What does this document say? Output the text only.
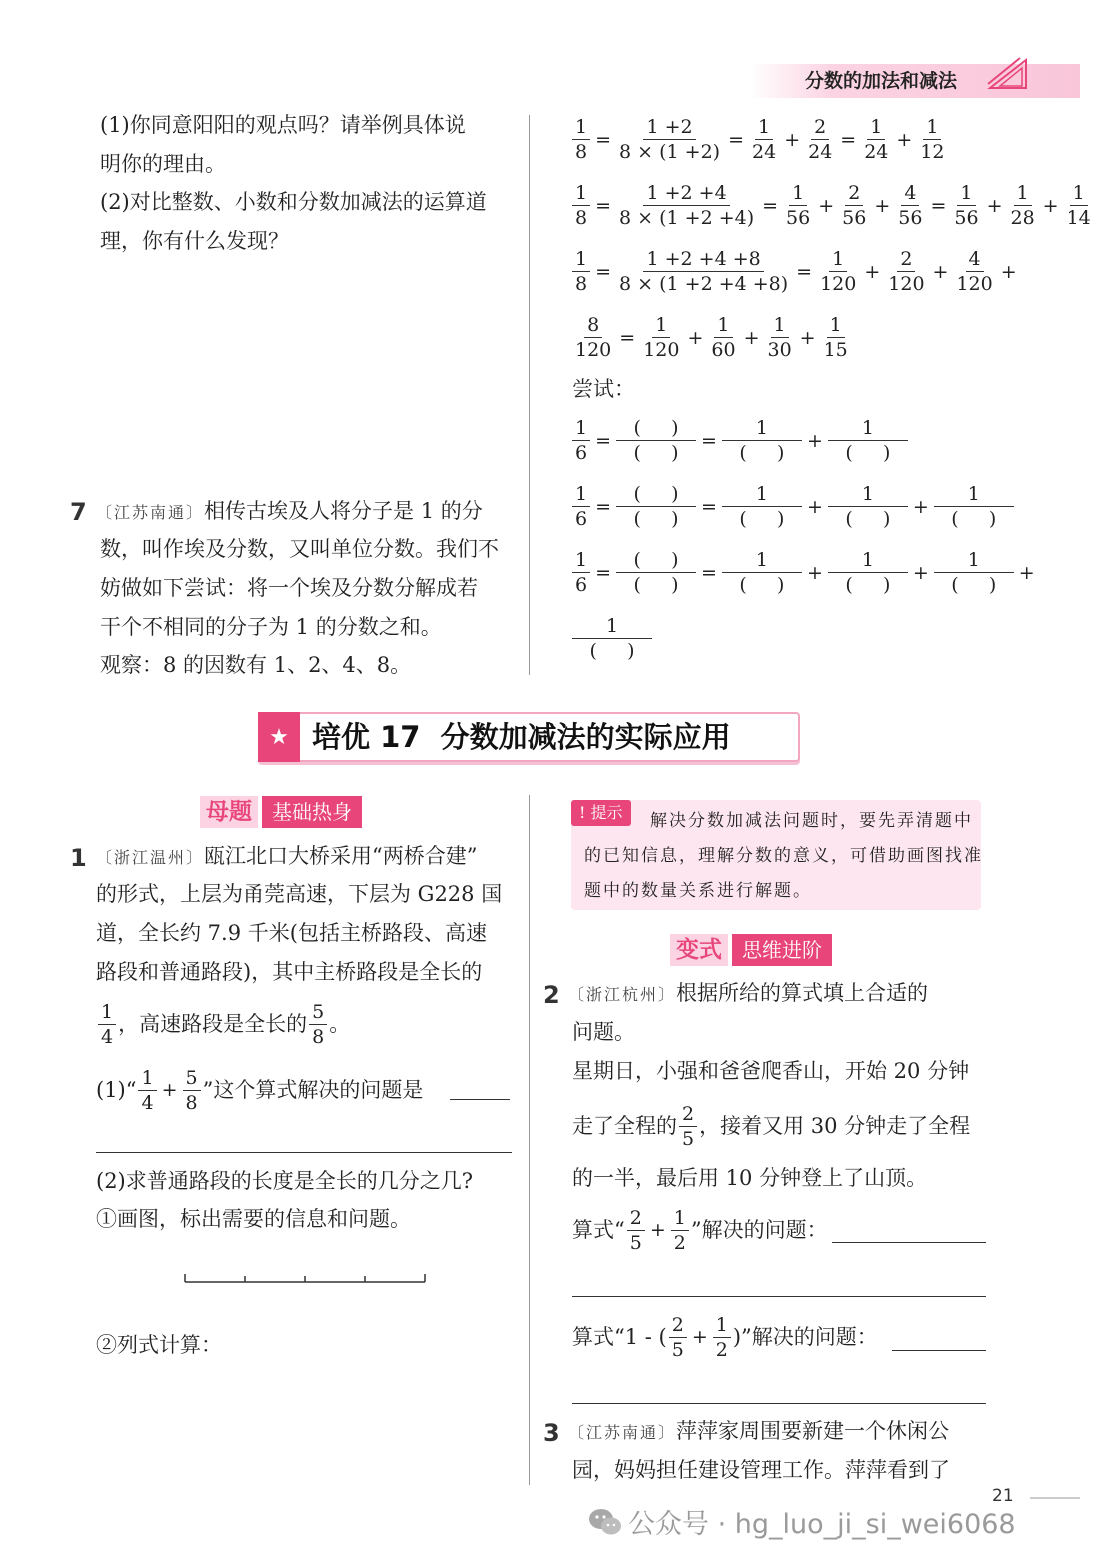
分数的加法和减法
(1)你同意阳阳的观点吗？请举例具体说
明你的理由。
(2)对比整数、小数和分数加减法的运算道
理，你有什么发现？
7 〔江苏南通〕相传古埃及人将分子是 1 的分
数，叫作埃及分数，又叫单位分数。我们不
妨做如下尝试：将一个埃及分数分解成若
干个不相同的分子为 1 的分数之和。
观察：8 的因数有 1、2、4、8。
$\frac{1}{8} = \frac{1 +2}{8 \times (1 +2)} = \frac{1}{24} + \frac{2}{24} = \frac{1}{24} + \frac{1}{12}$
$\frac{1}{8} = \frac{1 +2 +4}{8 \times (1 +2 +4)} = \frac{1}{56} + \frac{2}{56} + \frac{4}{56} = \frac{1}{56} + \frac{1}{28} + \frac{1}{14}$
$\frac{1}{8} = \frac{1 +2 +4 +8}{8 \times (1 +2 +4 +8)} = \frac{1}{120} + \frac{2}{120} + \frac{4}{120}$ +
$\frac{8}{120} = \frac{1}{120} + \frac{1}{60} + \frac{1}{30} + \frac{1}{15}$
尝试：
$\frac{1}{6} = \frac{( )}{( )} = \frac{1}{( )} + \frac{1}{( )}$
$\frac{1}{6} = \frac{( )}{( )} = \frac{1}{( )} + \frac{1}{( )} + \frac{1}{( )}$
$\frac{1}{6} = \frac{( )}{( )} = \frac{1}{( )} + \frac{1}{( )} + \frac{1}{( )}$ +
$\frac{1}{( )}$
★ 培优 17  分数加减法的实际应用
母题	基础热身
1 〔浙江温州〕瓯江北口大桥采用“两桥合建”
的形式，上层为甬莞高速，下层为 G228 国
道，全长约 7.9 千米(包括主桥路段、高速
路段和普通路段)，其中主桥路段是全长的
$\frac{1}{4}$ ，高速路段是全长的 $\frac{5}{8}$ 。
(1)“ $\frac{1}{4} + \frac{5}{8}$ ”这个算式解决的问题是
(2)求普通路段的长度是全长的几分之几?
①画图，标出需要的信息和问题。
②列式计算：
! 提示	解决分数加减法问题时，要先弄清题中
的已知信息，理解分数的意义，可借助画图找准
题中的数量关系进行解题。
变式	思维进阶
2 〔浙江杭州〕根据所给的算式填上合适的
问题。
星期日，小强和爸爸爬香山，开始 20 分钟
走了全程的 $\frac{2}{5}$ ，接着又用 30 分钟走了全程
的一半，最后用 10 分钟登上了山顶。
算式“ $\frac{2}{5} + \frac{1}{2}$ ”解决的问题：
算式“1 - ( $\frac{2}{5} + \frac{1}{2}$ )”解决的问题：
3 〔江苏南通〕萍萍家周围要新建一个休闲公
园，妈妈担任建设管理工作。萍萍看到了
21
公众号 · hg_luo_ji_si_wei6068
